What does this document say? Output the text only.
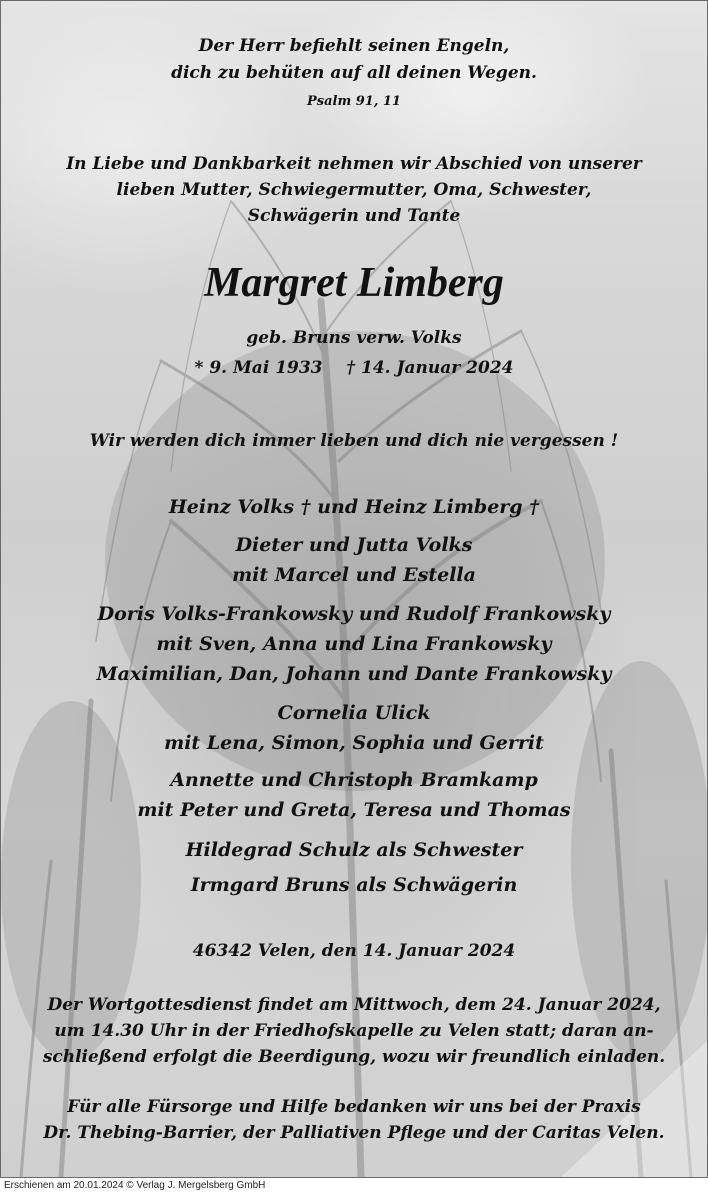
Der Herr befiehlt seinen Engeln,
dich zu behüten auf all deinen Wegen.
Psalm 91, 11
In Liebe und Dankbarkeit nehmen wir Abschied von unserer
lieben Mutter, Schwiegermutter, Oma, Schwester,
Schwägerin und Tante
Margret Limberg
geb. Bruns verw. Volks
* 9. Mai 1933    † 14. Januar 2024
Wir werden dich immer lieben und dich nie vergessen !
Heinz Volks † und Heinz Limberg †
Dieter und Jutta Volks
mit Marcel und Estella
Doris Volks-Frankowsky und Rudolf Frankowsky
mit Sven, Anna und Lina Frankowsky
Maximilian, Dan, Johann und Dante Frankowsky
Cornelia Ulick
mit Lena, Simon, Sophia und Gerrit
Annette und Christoph Bramkamp
mit Peter und Greta, Teresa und Thomas
Hildegrad Schulz als Schwester
Irmgard Bruns als Schwägerin
46342 Velen, den 14. Januar 2024
Der Wortgottesdienst findet am Mittwoch, dem 24. Januar 2024,
um 14.30 Uhr in der Friedhofskapelle zu Velen statt; daran an-
schließend erfolgt die Beerdigung, wozu wir freundlich einladen.
Für alle Fürsorge und Hilfe bedanken wir uns bei der Praxis
Dr. Thebing-Barrier, der Palliativen Pflege und der Caritas Velen.
Erschienen am 20.01.2024 © Verlag J. Mergelsberg GmbH
